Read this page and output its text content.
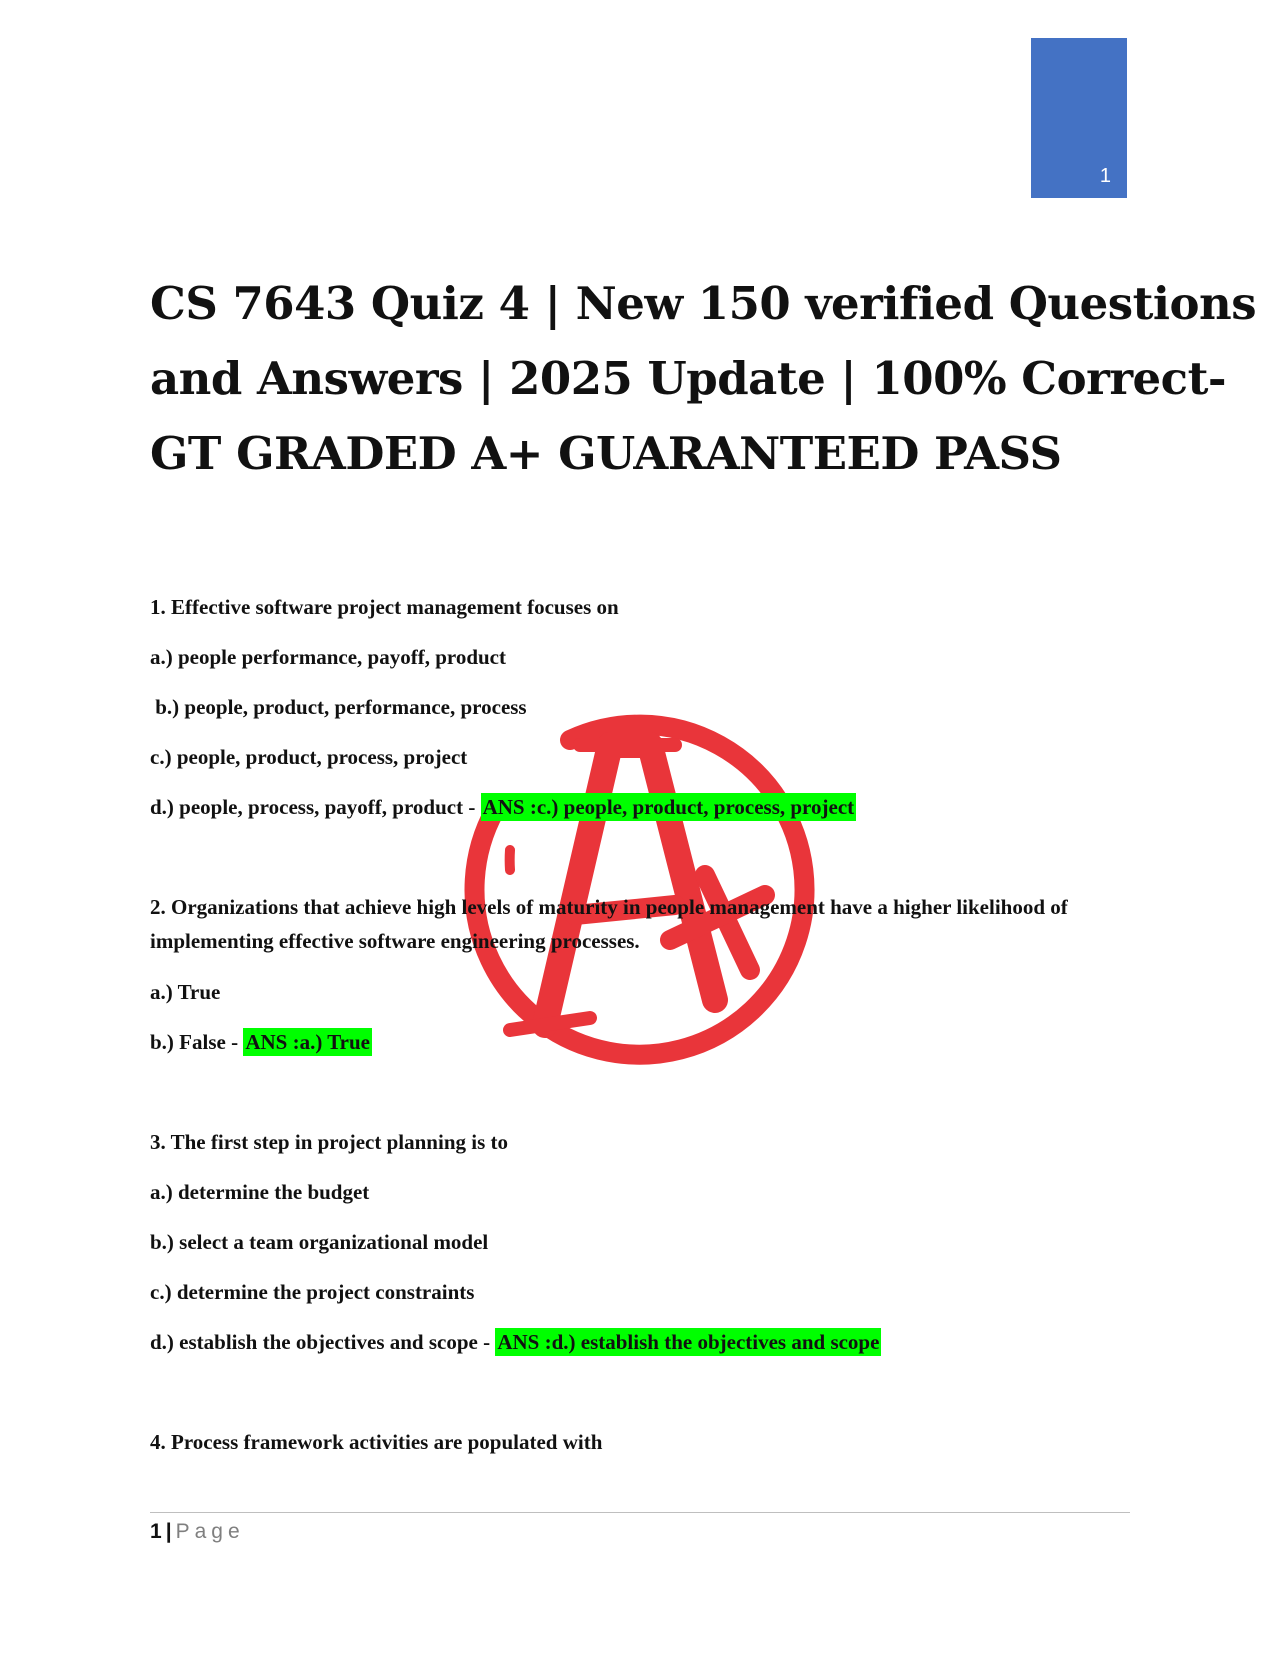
1
CS 7643 Quiz 4 | New 150 verified Questions
and Answers | 2025 Update | 100% Correct-
GT GRADED A+ GUARANTEED PASS
1. Effective software project management focuses on
a.) people performance, payoff, product
b.) people, product, performance, process
c.) people, product, process, project
d.) people, process, payoff, product - ANS :c.) people, product, process, project
2. Organizations that achieve high levels of maturity in people management have a higher likelihood of implementing effective software engineering processes.
a.) True
b.) False - ANS :a.) True
3. The first step in project planning is to
a.) determine the budget
b.) select a team organizational model
c.) determine the project constraints
d.) establish the objectives and scope - ANS :d.) establish the objectives and scope
4. Process framework activities are populated with
1 | Page
